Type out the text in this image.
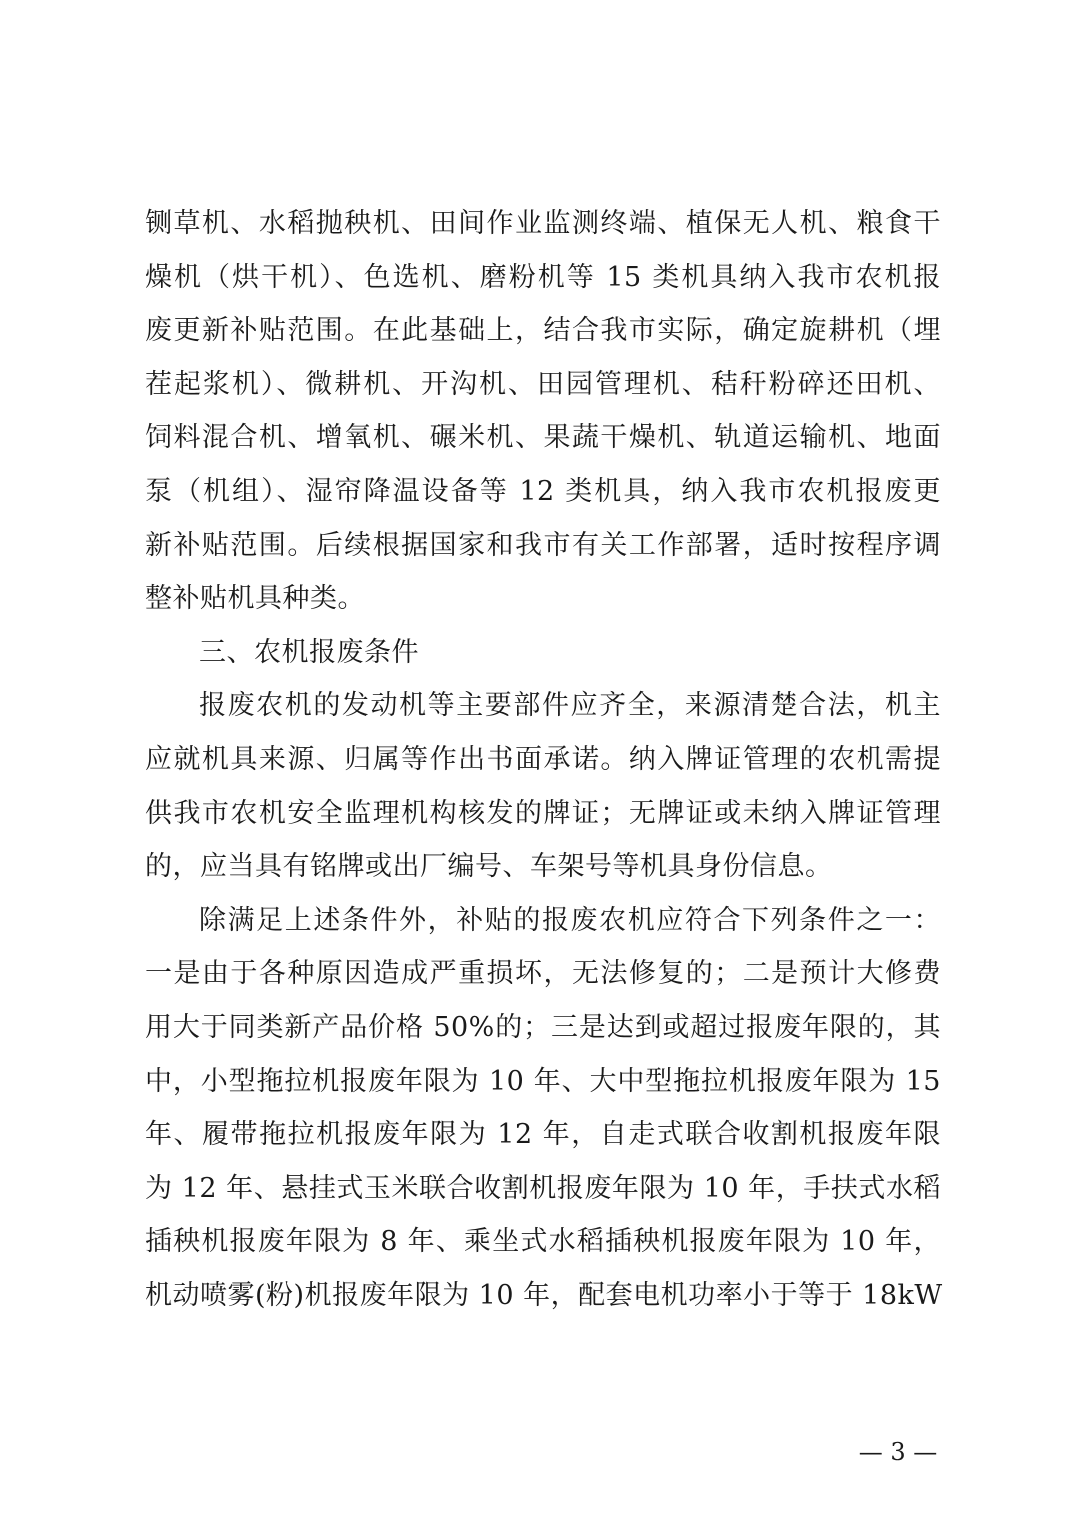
铡草机、水稻抛秧机、田间作业监测终端、植保无人机、粮食干
燥机（烘干机）、色选机、磨粉机等 15 类机具纳入我市农机报
废更新补贴范围。在此基础上，结合我市实际，确定旋耕机（埋
茬起浆机）、微耕机、开沟机、田园管理机、秸秆粉碎还田机、
饲料混合机、增氧机、碾米机、果蔬干燥机、轨道运输机、地面
泵（机组）、湿帘降温设备等 12 类机具，纳入我市农机报废更
新补贴范围。后续根据国家和我市有关工作部署，适时按程序调
整补贴机具种类。
三、农机报废条件
报废农机的发动机等主要部件应齐全，来源清楚合法，机主
应就机具来源、归属等作出书面承诺。纳入牌证管理的农机需提
供我市农机安全监理机构核发的牌证；无牌证或未纳入牌证管理
的，应当具有铭牌或出厂编号、车架号等机具身份信息。
除满足上述条件外，补贴的报废农机应符合下列条件之一：
一是由于各种原因造成严重损坏，无法修复的；二是预计大修费
用大于同类新产品价格 50%的；三是达到或超过报废年限的，其
中，小型拖拉机报废年限为 10 年、大中型拖拉机报废年限为 15
年、履带拖拉机报废年限为 12 年，自走式联合收割机报废年限
为 12 年、悬挂式玉米联合收割机报废年限为 10 年，手扶式水稻
插秧机报废年限为 8 年、乘坐式水稻插秧机报废年限为 10 年，
机动喷雾(粉)机报废年限为 10 年，配套电机功率小于等于 18kW
— 3 —
